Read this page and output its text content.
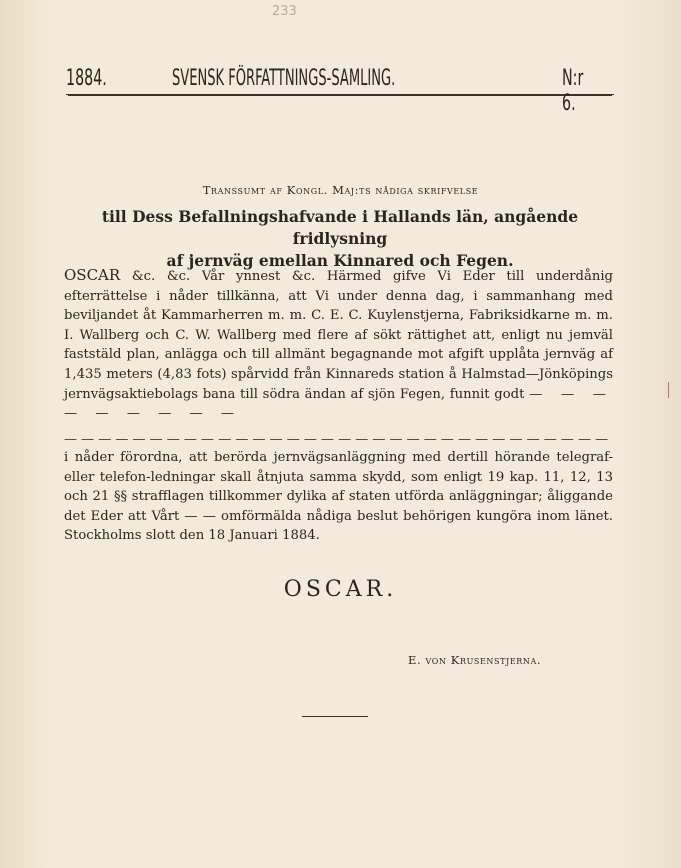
233
1884.	SVENSK FÖRFATTNINGS-SAMLING.	N:r 6.
Transsumt af Kongl. Maj:ts nådiga skrifvelse
till Dess Befallningshafvande i Hallands län, angående fridlysning
af jernväg emellan Kinnared och Fegen.

OSCAR &c. &c. Vår ynnest &c. Härmed gifve Vi Eder till underdånig efterrättelse i nåder tillkänna, att Vi under denna dag, i sammanhang med beviljandet åt Kammarherren m. m. C. E. C. Kuylenstjerna, Fabriksidkarne m. m. I. Wallberg och C. W. Wallberg med flere af sökt rättighet att, enligt nu jemväl faststäld plan, anlägga och till allmänt begagnande mot afgift upplåta jernväg af 1,435 meters (4,83 fots) spårvidd från Kinnareds station å Halmstad—Jönköpings jernvägsaktiebolags bana till södra ändan af sjön Fegen, funnit godt — — — — — — — — —

— — — — — — — — — — — — — — — — — — — — — — — — — — — — — — — —

i nåder förordna, att berörda jernvägsanläggning med dertill hörande telegraf- eller telefon-ledningar skall åtnjuta samma skydd, som enligt 19 kap. 11, 12, 13 och 21 §§ strafflagen tillkommer dylika af staten utförda anläggningar; åliggande det Eder att Vårt — — omförmälda nådiga beslut behörigen kungöra inom länet. Stockholms slott den 18 Januari 1884.

OSCAR.
E. von Krusenstjerna.
